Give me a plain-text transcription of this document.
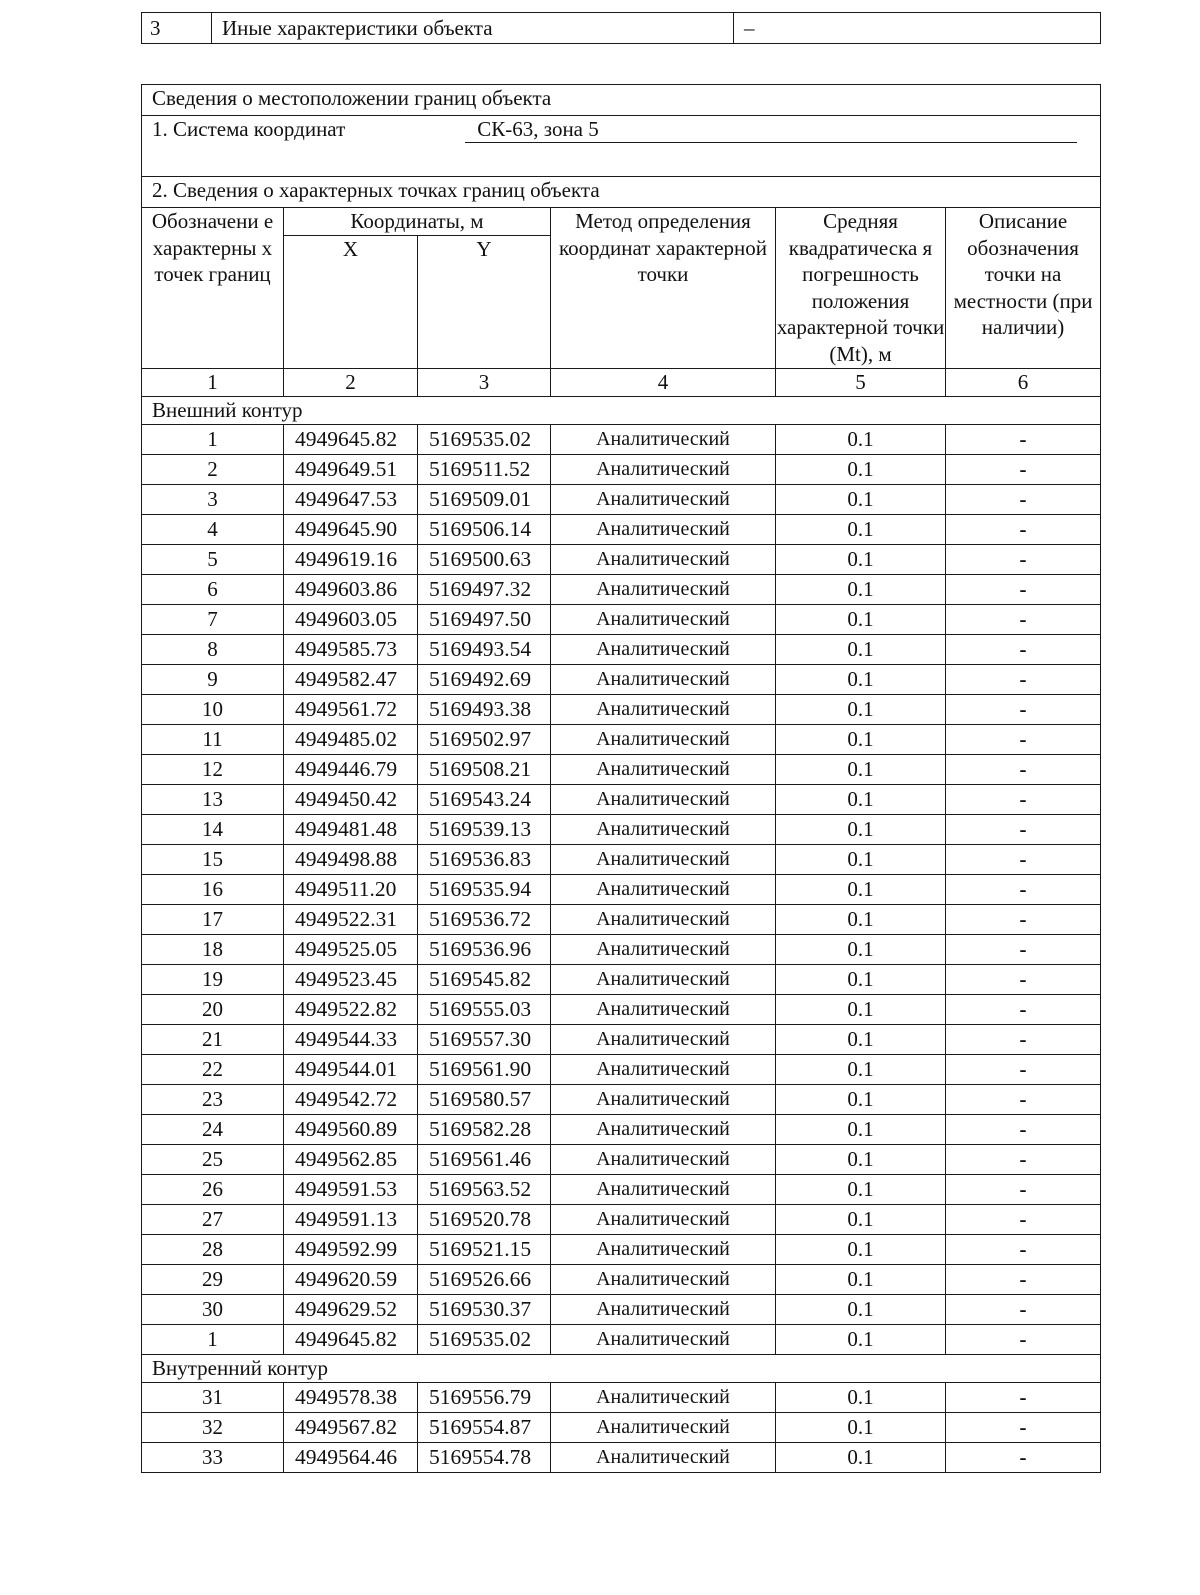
3	Иные характеристики объекта	–
Сведения о местоположении границ объекта					
1. Система координат СК-63, зона 5					
2. Сведения о характерных точках границ объекта					
Обозначени е характерны х точек границ	Координаты, м		Метод определения координат характерной точки	Средняя квадратическа я погрешность положения характерной точки (Mt), м	Описание обозначения точки на местности (при наличии)
	X	Y			
1	2	3	4	5	6
Внешний контур					
1	4949645.82	5169535.02	Аналитический	0.1	-
2	4949649.51	5169511.52	Аналитический	0.1	-
3	4949647.53	5169509.01	Аналитический	0.1	-
4	4949645.90	5169506.14	Аналитический	0.1	-
5	4949619.16	5169500.63	Аналитический	0.1	-
6	4949603.86	5169497.32	Аналитический	0.1	-
7	4949603.05	5169497.50	Аналитический	0.1	-
8	4949585.73	5169493.54	Аналитический	0.1	-
9	4949582.47	5169492.69	Аналитический	0.1	-
10	4949561.72	5169493.38	Аналитический	0.1	-
11	4949485.02	5169502.97	Аналитический	0.1	-
12	4949446.79	5169508.21	Аналитический	0.1	-
13	4949450.42	5169543.24	Аналитический	0.1	-
14	4949481.48	5169539.13	Аналитический	0.1	-
15	4949498.88	5169536.83	Аналитический	0.1	-
16	4949511.20	5169535.94	Аналитический	0.1	-
17	4949522.31	5169536.72	Аналитический	0.1	-
18	4949525.05	5169536.96	Аналитический	0.1	-
19	4949523.45	5169545.82	Аналитический	0.1	-
20	4949522.82	5169555.03	Аналитический	0.1	-
21	4949544.33	5169557.30	Аналитический	0.1	-
22	4949544.01	5169561.90	Аналитический	0.1	-
23	4949542.72	5169580.57	Аналитический	0.1	-
24	4949560.89	5169582.28	Аналитический	0.1	-
25	4949562.85	5169561.46	Аналитический	0.1	-
26	4949591.53	5169563.52	Аналитический	0.1	-
27	4949591.13	5169520.78	Аналитический	0.1	-
28	4949592.99	5169521.15	Аналитический	0.1	-
29	4949620.59	5169526.66	Аналитический	0.1	-
30	4949629.52	5169530.37	Аналитический	0.1	-
1	4949645.82	5169535.02	Аналитический	0.1	-
Внутренний контур					
31	4949578.38	5169556.79	Аналитический	0.1	-
32	4949567.82	5169554.87	Аналитический	0.1	-
33	4949564.46	5169554.78	Аналитический	0.1	-
